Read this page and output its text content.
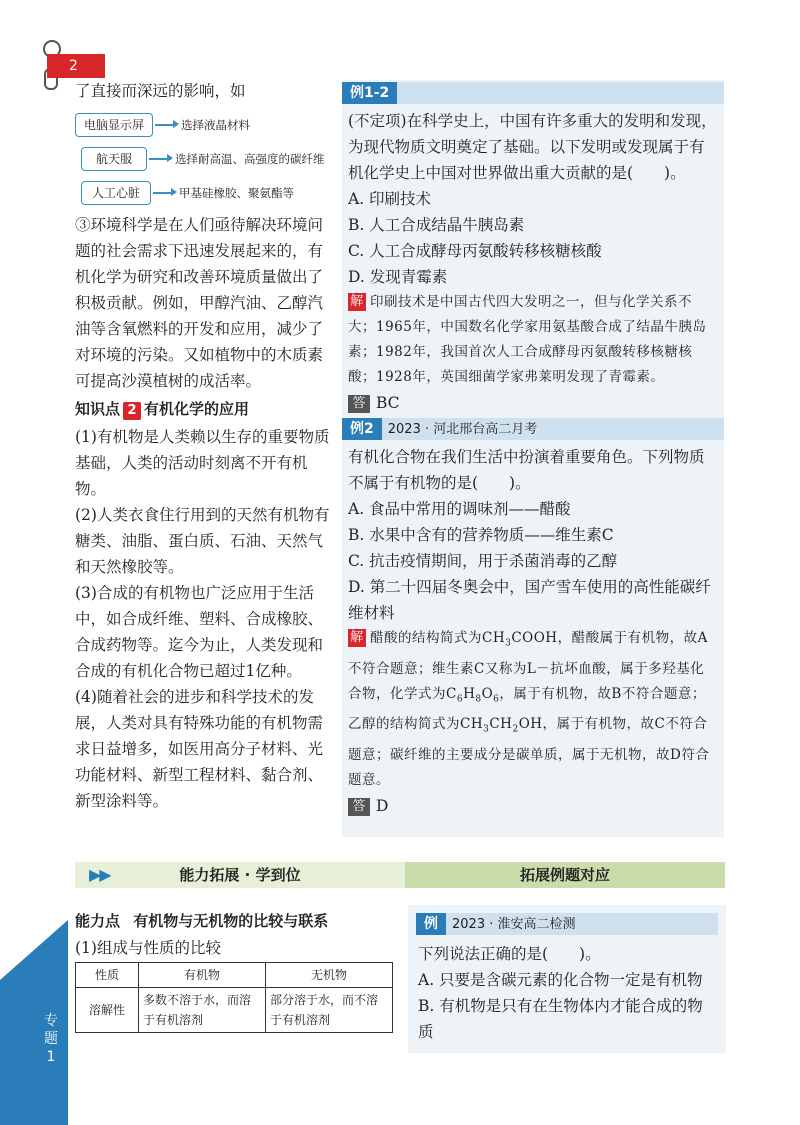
2

了直接而深远的影响，如

电脑显示屏	选择液晶材料
航天服	选择耐高温、高强度的碳纤维
人工心脏	甲基硅橡胶、聚氨酯等

③环境科学是在人们亟待解决环境问题的社会需求下迅速发展起来的，有机化学为研究和改善环境质量做出了积极贡献。例如，甲醇汽油、乙醇汽油等含氧燃料的开发和应用，减少了对环境的污染。又如植物中的木质素可提高沙漠植树的成活率。

知识点 2 有机化学的应用

(1)有机物是人类赖以生存的重要物质基础，人类的活动时刻离不开有机物。

(2)人类衣食住行用到的天然有机物有糖类、油脂、蛋白质、石油、天然气和天然橡胶等。

(3)合成的有机物也广泛应用于生活中，如合成纤维、塑料、合成橡胶、合成药物等。迄今为止，人类发现和合成的有机化合物已超过1亿种。

(4)随着社会的进步和科学技术的发展，人类对具有特殊功能的有机物需求日益增多，如医用高分子材料、光功能材料、新型工程材料、黏合剂、新型涂料等。

例1-2

(不定项)在科学史上，中国有许多重大的发明和发现，为现代物质文明奠定了基础。以下发明或发现属于有机化学史上中国对世界做出重大贡献的是(　　)。

A. 印刷技术

B. 人工合成结晶牛胰岛素

C. 人工合成酵母丙氨酸转移核糖核酸

D. 发现青霉素

解 印刷技术是中国古代四大发明之一，但与化学关系不大；1965年，中国数名化学家用氨基酸合成了结晶牛胰岛素；1982年，我国首次人工合成酵母丙氨酸转移核糖核酸；1928年，英国细菌学家弗莱明发现了青霉素。

答 BC

例2 2023 · 河北邢台高二月考

有机化合物在我们生活中扮演着重要角色。下列物质不属于有机物的是(　　)。

A. 食品中常用的调味剂——醋酸

B. 水果中含有的营养物质——维生素C

C. 抗击疫情期间，用于杀菌消毒的乙醇

D. 第二十四届冬奥会中，国产雪车使用的高性能碳纤维材料

解 醋酸的结构简式为$CH_3COOH$，醋酸属于有机物，故A不符合题意；维生素C又称为L－抗坏血酸，属于多羟基化合物，化学式为$C_6H_8O_6$，属于有机物，故B不符合题意；乙醇的结构简式为$CH_3CH_2OH$，属于有机物，故C不符合题意；碳纤维的主要成分是碳单质，属于无机物，故D符合题意。

答 D

▶▶	能力拓展 · 学到位	拓展例题对应
能力点 有机物与无机物的比较与联系
(1)组成与性质的比较
性质	有机物	无机物
溶解性	多数不溶于水，而溶于有机溶剂	部分溶于水，而不溶于有机溶剂
例 2023 · 淮安高二检测

下列说法正确的是(　　)。

A. 只要是含碳元素的化合物一定是有机物

B. 有机物是只有在生物体内才能合成的物质

专题1
